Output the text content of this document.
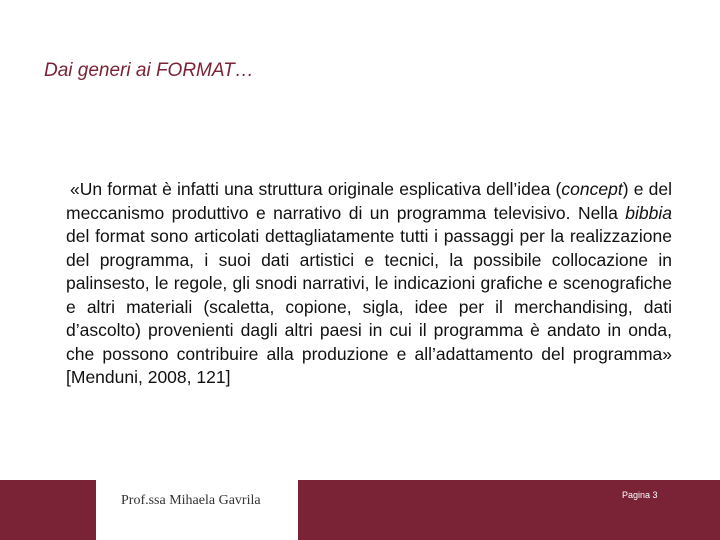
Dai generi ai FORMAT…

«Un format è infatti una struttura originale esplicativa dell’idea (concept) e del meccanismo produttivo e narrativo di un programma televisivo. Nella bibbia del format sono articolati dettagliatamente tutti i passaggi per la realizzazione del programma, i suoi dati artistici e tecnici, la possibile collocazione in palinsesto, le regole, gli snodi narrativi, le indicazioni grafiche e scenografiche e altri materiali (scaletta, copione, sigla, idee per il merchandising, dati d’ascolto) provenienti dagli altri paesi in cui il programma è andato in onda, che possono contribuire alla produzione e all’adattamento del programma» [Menduni, 2008, 121]

Prof.ssa Mihaela Gavrila	Pagina 3
